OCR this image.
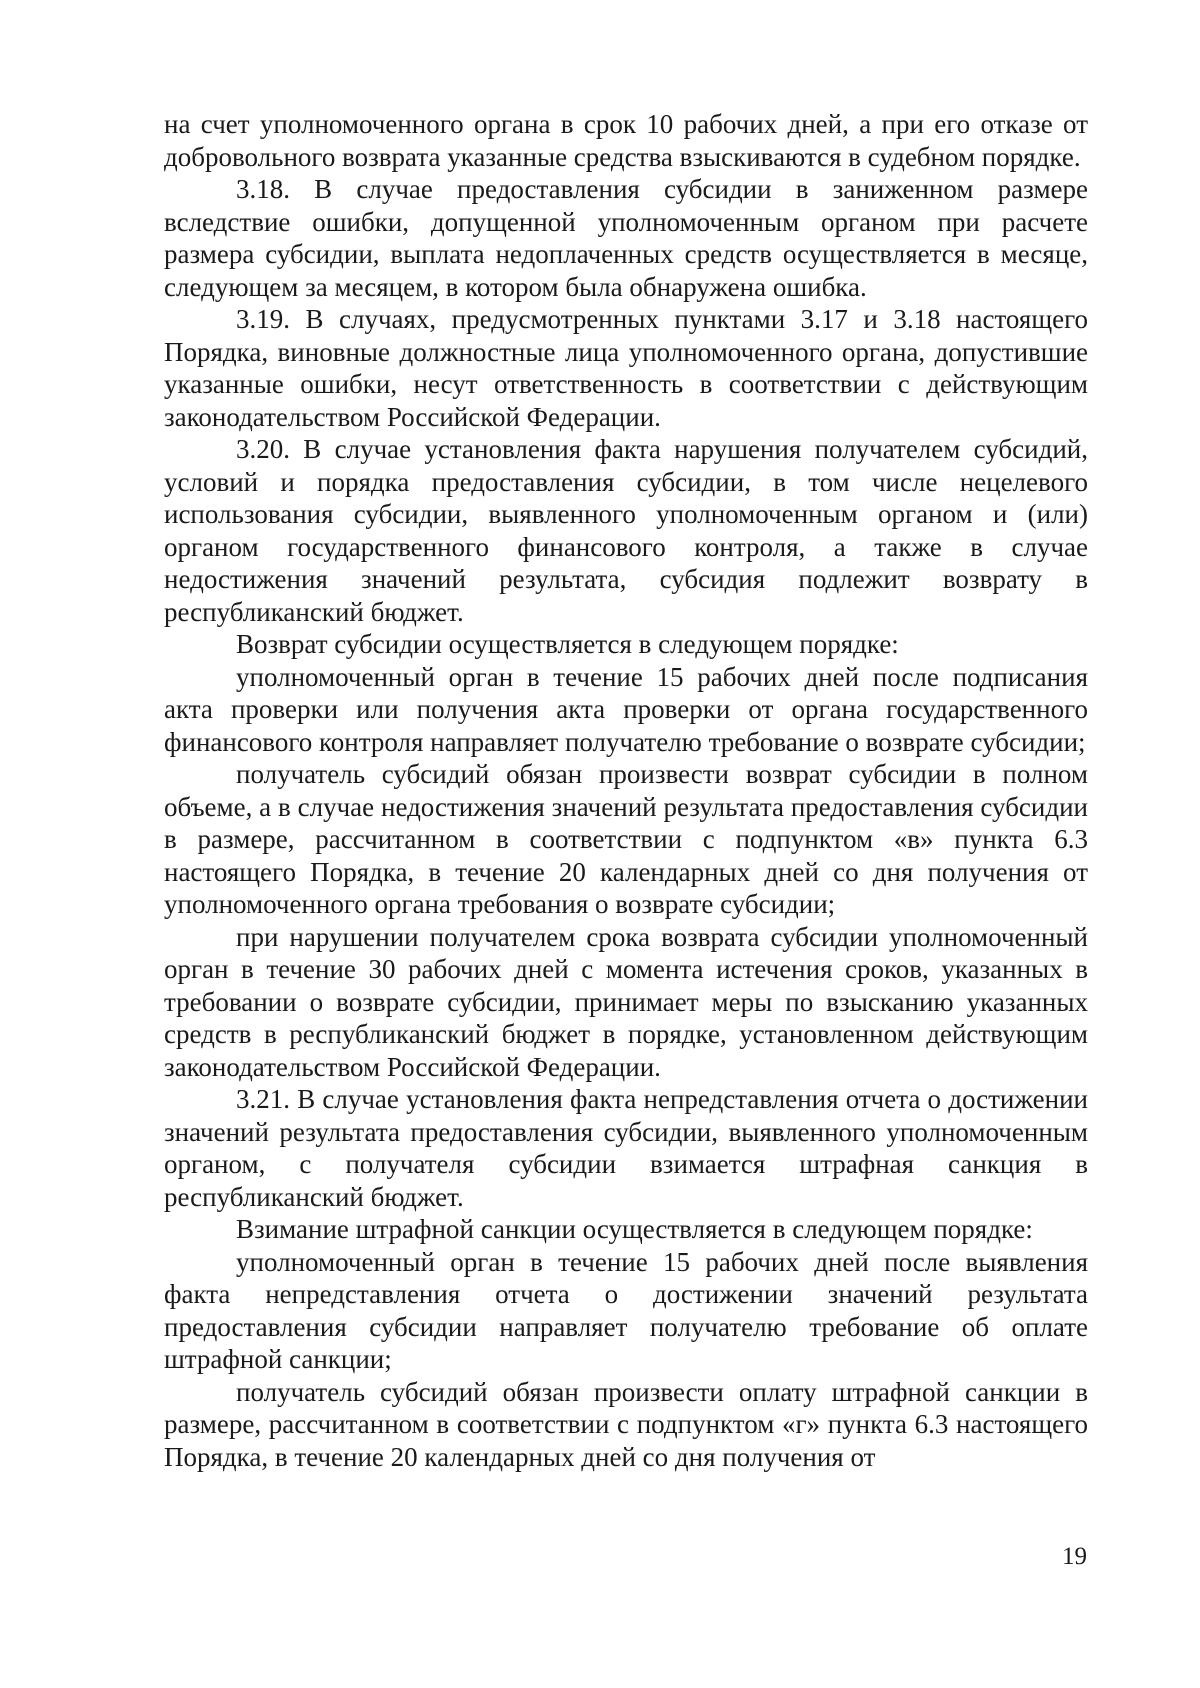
на счет уполномоченного органа в срок 10 рабочих дней, а при его отказе от добровольного возврата указанные средства взыскиваются в судебном порядке.

3.18. В случае предоставления субсидии в заниженном размере вследствие ошибки, допущенной уполномоченным органом при расчете размера субсидии, выплата недоплаченных средств осуществляется в месяце, следующем за месяцем, в котором была обнаружена ошибка.

3.19. В случаях, предусмотренных пунктами 3.17 и 3.18 настоящего Порядка, виновные должностные лица уполномоченного органа, допустившие указанные ошибки, несут ответственность в соответствии с действующим законодательством Российской Федерации.

3.20. В случае установления факта нарушения получателем субсидий, условий и порядка предоставления субсидии, в том числе нецелевого использования субсидии, выявленного уполномоченным органом и (или) органом государственного финансового контроля, а также в случае недостижения значений результата, субсидия подлежит возврату в республиканский бюджет.

Возврат субсидии осуществляется в следующем порядке:

уполномоченный орган в течение 15 рабочих дней после подписания акта проверки или получения акта проверки от органа государственного финансового контроля направляет получателю требование о возврате субсидии;

получатель субсидий обязан произвести возврат субсидии в полном объеме, а в случае недостижения значений результата предоставления субсидии в размере, рассчитанном в соответствии с подпунктом «в» пункта 6.3 настоящего Порядка, в течение 20 календарных дней со дня получения от уполномоченного органа требования о возврате субсидии;

при нарушении получателем срока возврата субсидии уполномоченный орган в течение 30 рабочих дней с момента истечения сроков, указанных в требовании о возврате субсидии, принимает меры по взысканию указанных средств в республиканский бюджет в порядке, установленном действующим законодательством Российской Федерации.

3.21. В случае установления факта непредставления отчета о достижении значений результата предоставления субсидии, выявленного уполномоченным органом, с получателя субсидии взимается штрафная санкция в республиканский бюджет.

Взимание штрафной санкции осуществляется в следующем порядке:

уполномоченный орган в течение 15 рабочих дней после выявления факта непредставления отчета о достижении значений результата предоставления субсидии направляет получателю требование об оплате штрафной санкции;

получатель субсидий обязан произвести оплату штрафной санкции в размере, рассчитанном в соответствии с подпунктом «г» пункта 6.3 настоящего Порядка, в течение 20 календарных дней со дня получения от

19
